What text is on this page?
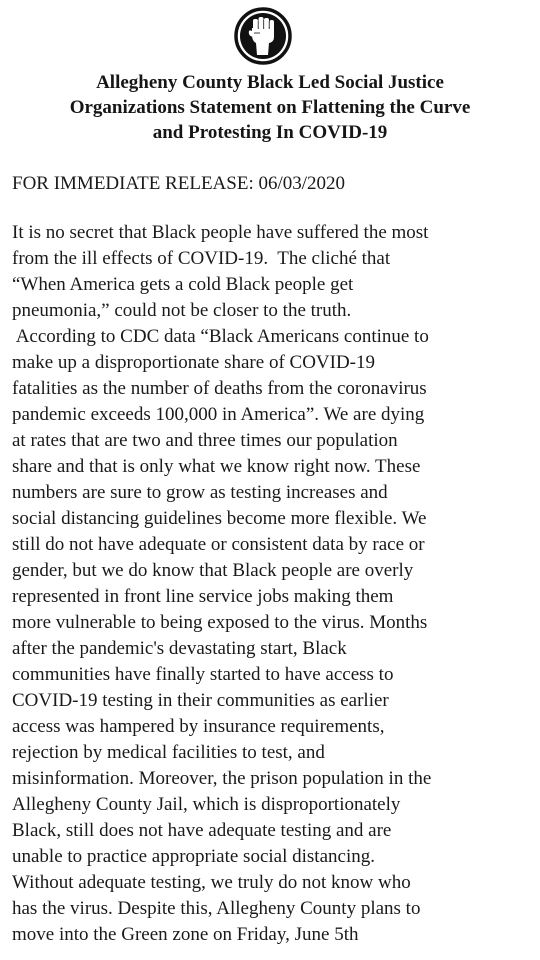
Allegheny County Black Led Social Justice
Organizations Statement on Flattening the Curve
and Protesting In COVID-19

FOR IMMEDIATE RELEASE: 06/03/2020

It is no secret that Black people have suffered the most
from the ill effects of COVID-19.  The cliché that
“When America gets a cold Black people get
pneumonia,” could not be closer to the truth.
According to CDC data “Black Americans continue to
make up a disproportionate share of COVID-19
fatalities as the number of deaths from the coronavirus
pandemic exceeds 100,000 in America”. We are dying
at rates that are two and three times our population
share and that is only what we know right now. These
numbers are sure to grow as testing increases and
social distancing guidelines become more flexible. We
still do not have adequate or consistent data by race or
gender, but we do know that Black people are overly
represented in front line service jobs making them
more vulnerable to being exposed to the virus. Months
after the pandemic's devastating start, Black
communities have finally started to have access to
COVID-19 testing in their communities as earlier
access was hampered by insurance requirements,
rejection by medical facilities to test, and
misinformation. Moreover, the prison population in the
Allegheny County Jail, which is disproportionately
Black, still does not have adequate testing and are
unable to practice appropriate social distancing.
Without adequate testing, we truly do not know who
has the virus. Despite this, Allegheny County plans to
move into the Green zone on Friday, June 5th
